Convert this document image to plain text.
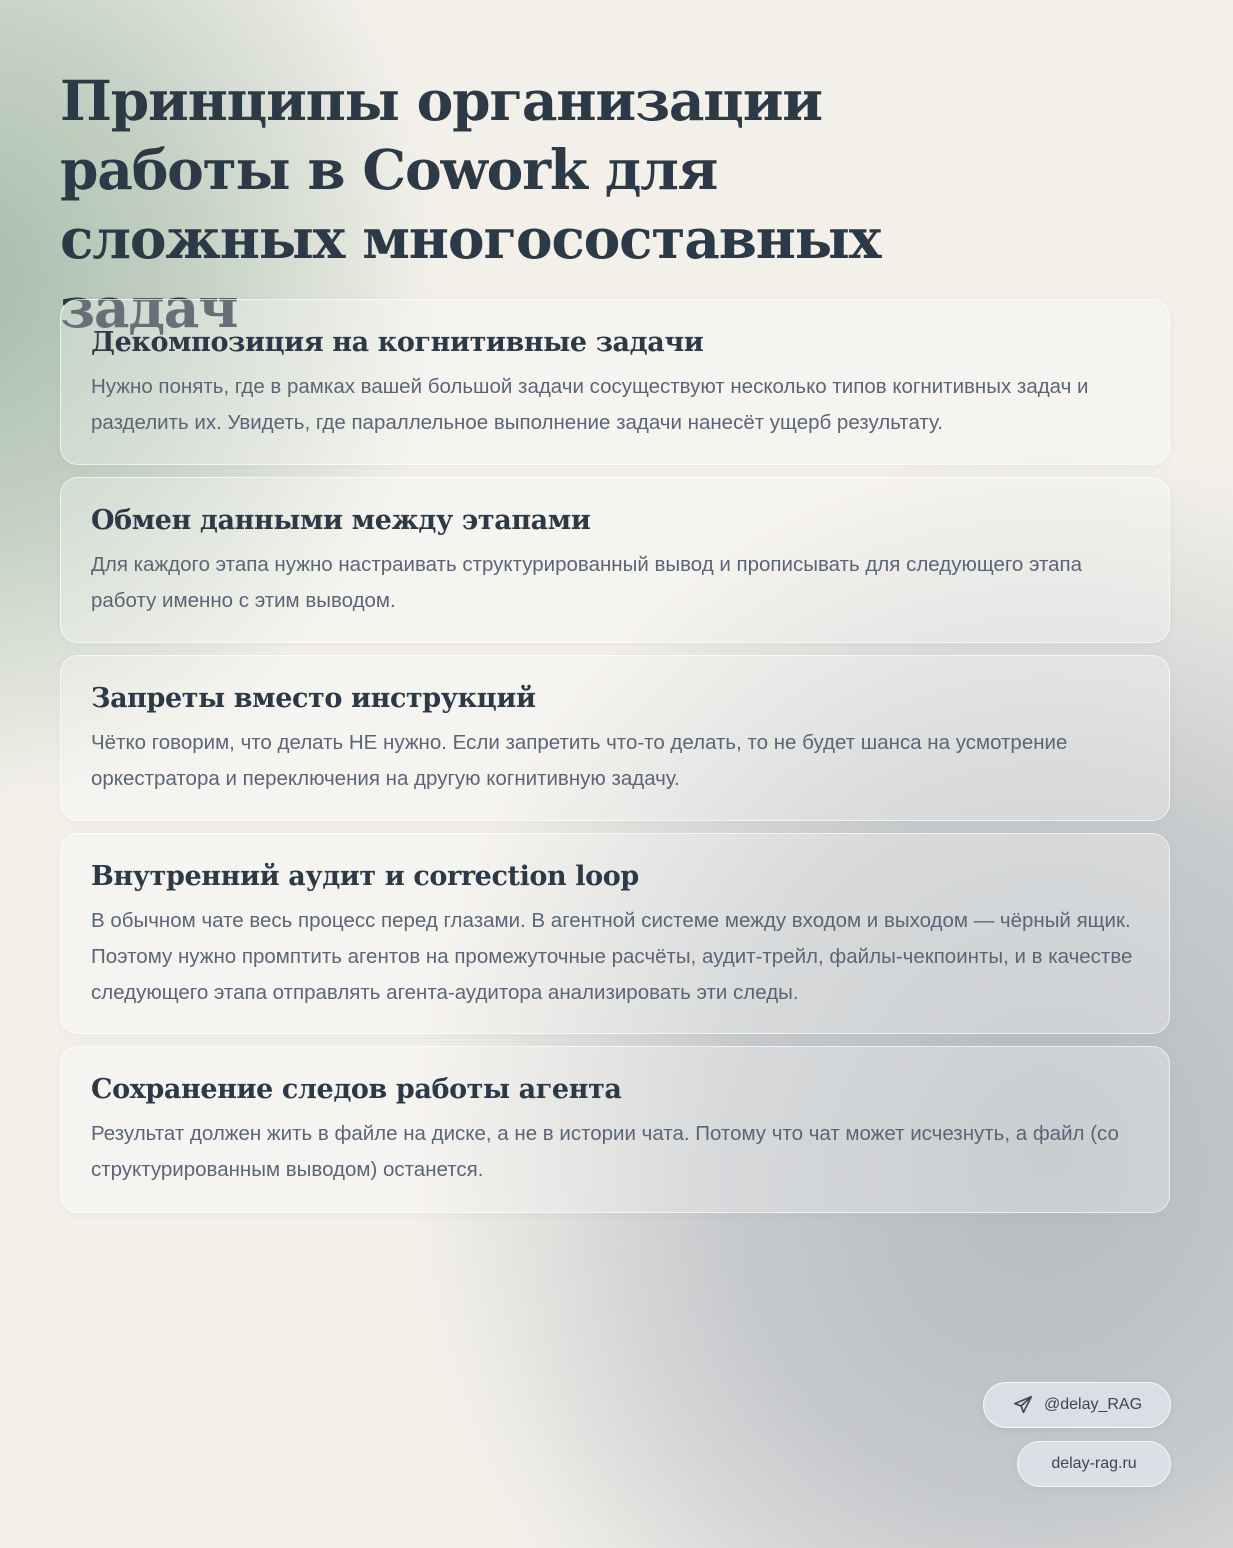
Принципы организации работы в Cowork для сложных многосоставных задач
Декомпозиция на когнитивные задачи

Нужно понять, где в рамках вашей большой задачи сосуществуют несколько типов когнитивных задач и разделить их. Увидеть, где параллельное выполнение задачи нанесёт ущерб результату.

Обмен данными между этапами

Для каждого этапа нужно настраивать структурированный вывод и прописывать для следующего этапа работу именно с этим выводом.

Запреты вместо инструкций

Чётко говорим, что делать НЕ нужно. Если запретить что-то делать, то не будет шанса на усмотрение оркестратора и переключения на другую когнитивную задачу.

Внутренний аудит и correction loop

В обычном чате весь процесс перед глазами. В агентной системе между входом и выходом — чёрный ящик. Поэтому нужно промптить агентов на промежуточные расчёты, аудит-трейл, файлы-чекпоинты, и в качестве следующего этапа отправлять агента-аудитора анализировать эти следы.

Сохранение следов работы агента

Результат должен жить в файле на диске, а не в истории чата. Потому что чат может исчезнуть, а файл (со структурированным выводом) останется.

@delay_RAG
delay-rag.ru
